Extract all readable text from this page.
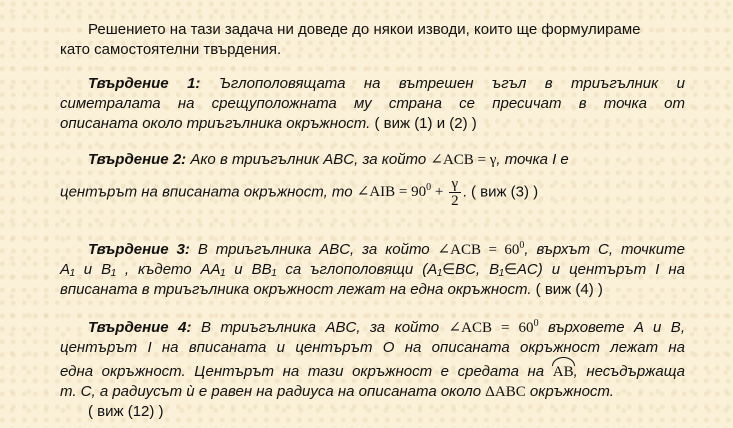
Решението на тази задача ни доведе до някои изводи, които ще формулираме
като самостоятелни твърдения.
Твърдение 1: Ъглополовящата на вътрешен ъгъл в триъгълник и
симетралата на срещуположната му страна се пресичат в точка от
описаната около триъгълника окръжност. ( виж (1) и (2) )
Твърдение 2: Ако в триъгълник ABC, за който ∠ACB = γ, точка I е
центърът на вписаната окръжност, то ∠AIB = $90^0 + \frac{\gamma}{2}$ . ( виж (3) )
Твърдение 3: В триъгълника ABC, за който ∠ACB = $60^0$, върхът C, точките
A₁ и B₁ , където AA₁ и BB₁ са ъглополовящи (A₁∈BC, B₁∈AC) и центърът I на
вписаната в триъгълника окръжност лежат на една окръжност. ( виж (4) )
Твърдение 4: В триъгълника ABC, за който ∠ACB = $60^0$ върховете A и B,
центърът I на вписаната и центърът O на описаната окръжност лежат на
една окръжност. Центърът на тази окръжност е средата на AB, несъдържаща
т. C, а радиусът ѝ е равен на радиуса на описаната около ΔABC окръжност.
( виж (12) )
